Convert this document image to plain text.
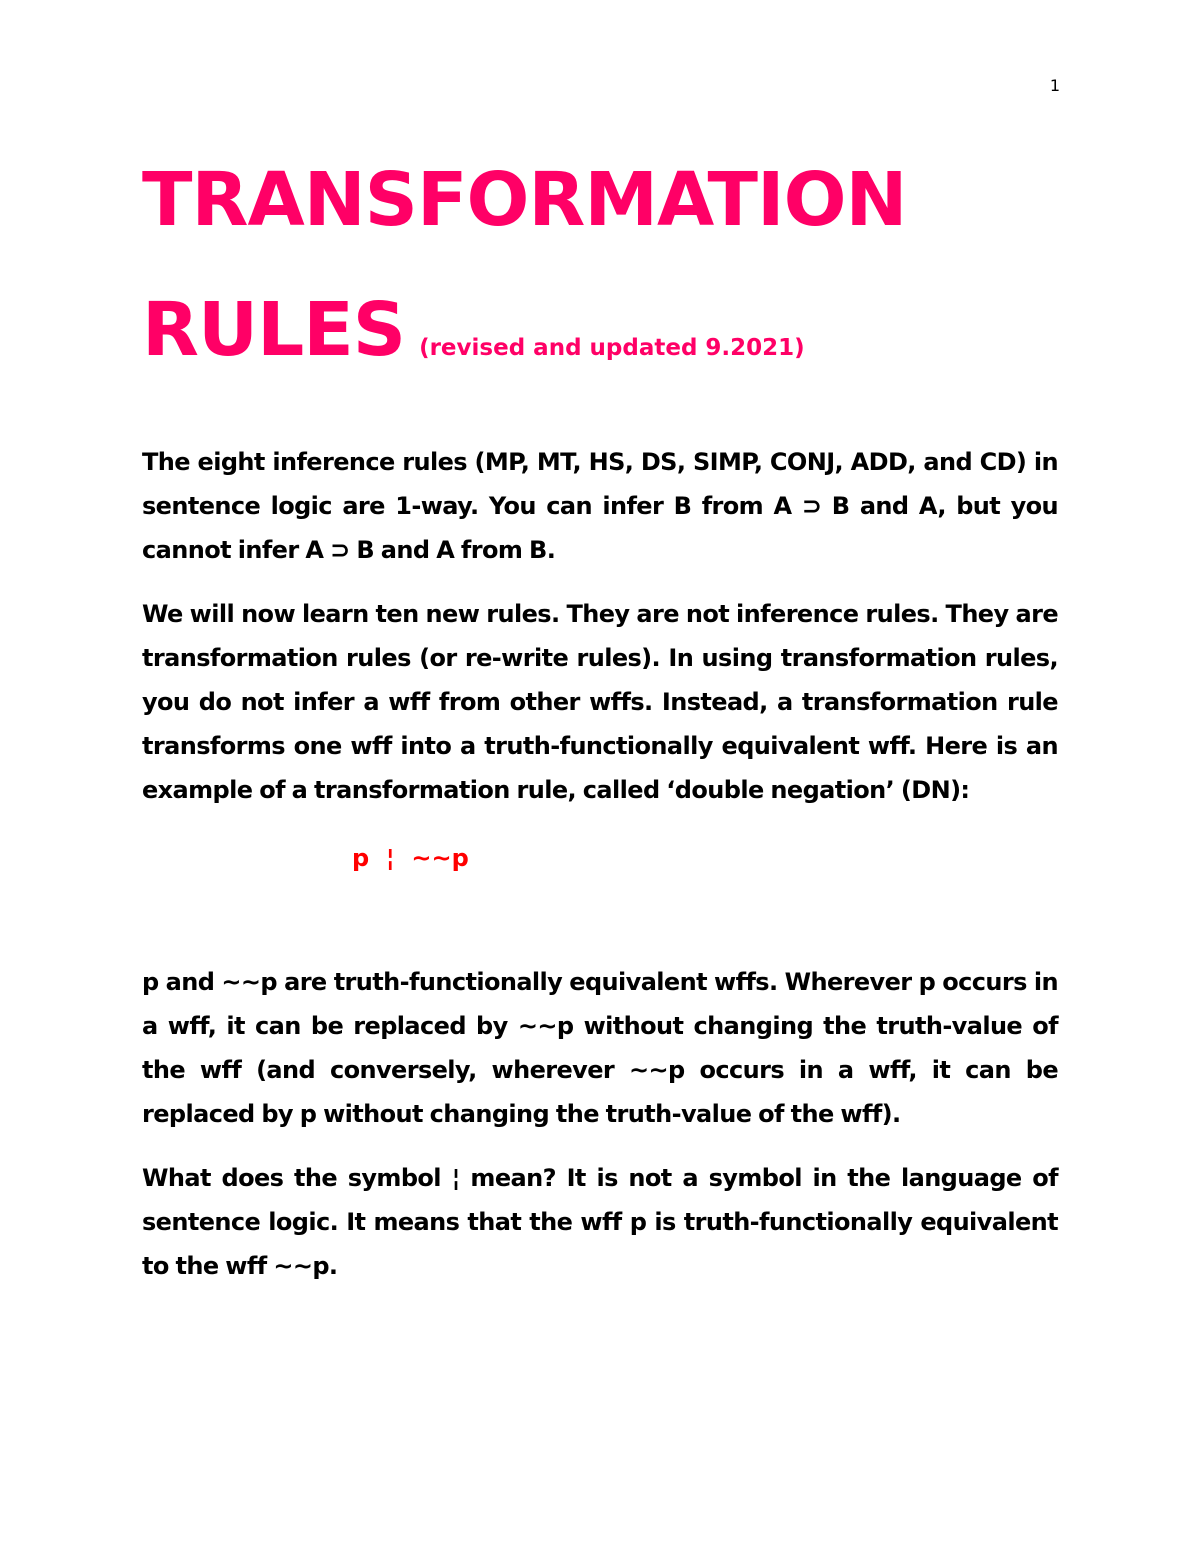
1
TRANSFORMATION
RULES (revised and updated 9.2021)

The eight inference rules (MP, MT, HS, DS, SIMP, CONJ, ADD, and CD) in sentence logic are 1-way. You can infer B from A ⊃ B and A, but you cannot infer A ⊃ B and A from B.

We will now learn ten new rules. They are not inference rules. They are transformation rules (or re-write rules). In using transformation rules, you do not infer a wff from other wffs. Instead, a transformation rule transforms one wff into a truth-functionally equivalent wff. Here is an example of a transformation rule, called ‘double negation’ (DN):

p  ¦  ~~p

p and ~~p are truth-functionally equivalent wffs. Wherever p occurs in a wff, it can be replaced by ~~p without changing the truth-value of the wff (and conversely, wherever ~~p occurs in a wff, it can be replaced by p without changing the truth-value of the wff).

What does the symbol ¦ mean? It is not a symbol in the language of sentence logic. It means that the wff p is truth-functionally equivalent to the wff ~~p.
